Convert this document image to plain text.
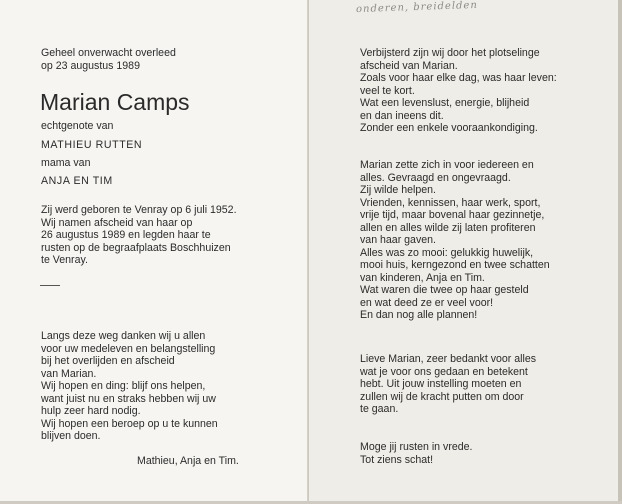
Geheel onverwacht overleed
op 23 augustus 1989

Marian Camps

echtgenote van

MATHIEU RUTTEN

mama van

ANJA EN TIM

Zij werd geboren te Venray op 6 juli 1952.
Wij namen afscheid van haar op
26 augustus 1989 en legden haar te
rusten op de begraafplaats Boschhuizen
te Venray.

Langs deze weg danken wij u allen
voor uw medeleven en belangstelling
bij het overlijden en afscheid
van Marian.
Wij hopen en ding: blijf ons helpen,
want juist nu en straks hebben wij uw
hulp zeer hard nodig.
Wij hopen een beroep op u te kunnen
blijven doen.

Mathieu, Anja en Tim.

onderen, breidelden

Verbijsterd zijn wij door het plotselinge
afscheid van Marian.
Zoals voor haar elke dag, was haar leven:
veel te kort.
Wat een levenslust, energie, blijheid
en dan ineens dit.
Zonder een enkele vooraankondiging.

Marian zette zich in voor iedereen en
alles. Gevraagd en ongevraagd.
Zij wilde helpen.
Vrienden, kennissen, haar werk, sport,
vrije tijd, maar bovenal haar gezinnetje,
allen en alles wilde zij laten profiteren
van haar gaven.
Alles was zo mooi: gelukkig huwelijk,
mooi huis, kerngezond en twee schatten
van kinderen, Anja en Tim.
Wat waren die twee op haar gesteld
en wat deed ze er veel voor!
En dan nog alle plannen!

Lieve Marian, zeer bedankt voor alles
wat je voor ons gedaan en betekent
hebt. Uit jouw instelling moeten en
zullen wij de kracht putten om door
te gaan.

Moge jij rusten in vrede.
Tot ziens schat!
